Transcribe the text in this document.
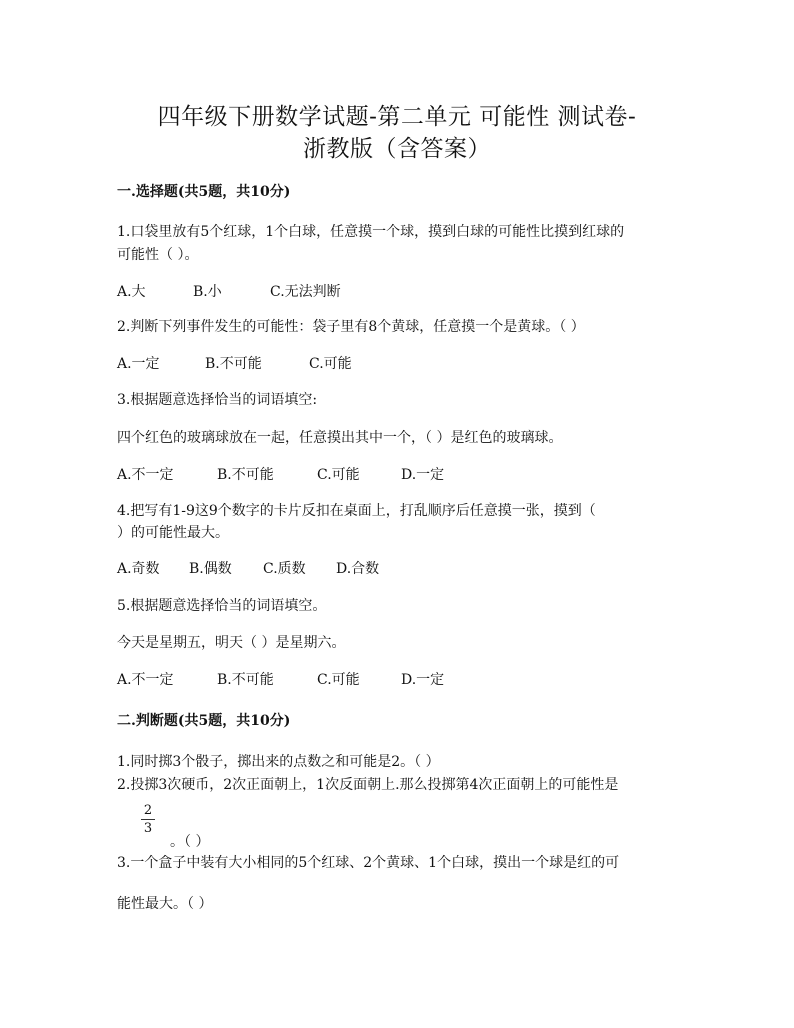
四年级下册数学试题-第二单元 可能性 测试卷-
浙教版（含答案）
一.选择题(共5题，共10分)
1.口袋里放有5个红球，1个白球，任意摸一个球，摸到白球的可能性比摸到红球的
可能性（ ）。
A.大	B.小	C.无法判断
2.判断下列事件发生的可能性：袋子里有8个黄球，任意摸一个是黄球。（ ）
A.一定	B.不可能	C.可能
3.根据题意选择恰当的词语填空:
四个红色的玻璃球放在一起，任意摸出其中一个，（ ）是红色的玻璃球。
A.不一定	B.不可能	C.可能	D.一定
4.把写有1-9这9个数字的卡片反扣在桌面上，打乱顺序后任意摸一张，摸到（
）的可能性最大。
A.奇数 B.偶数 C.质数 D.合数
5.根据题意选择恰当的词语填空。
今天是星期五，明天（ ）是星期六。
A.不一定	B.不可能	C.可能	D.一定
二.判断题(共5题，共10分)
1.同时掷3个骰子，掷出来的点数之和可能是2。（ ）
2.投掷3次硬币，2次正面朝上，1次反面朝上.那么投掷第4次正面朝上的可能性是
2
3
。（ ）
3.一个盒子中装有大小相同的5个红球、2个黄球、1个白球，摸出一个球是红的可
能性最大。（ ）
